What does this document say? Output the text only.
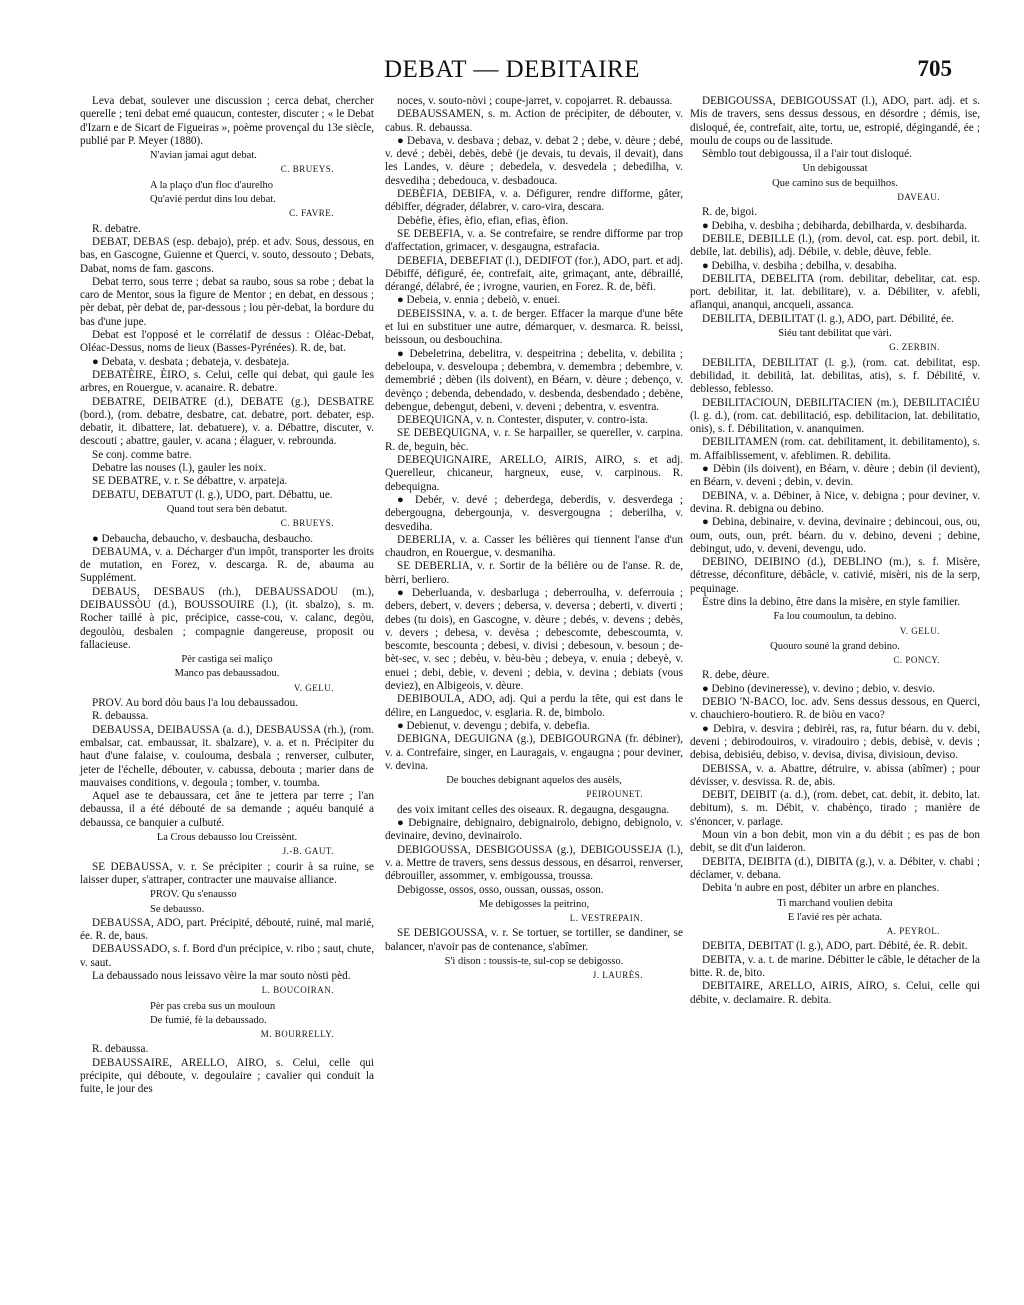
DEBAT — DEBITAIRE	705

Leva debat, soulever une discussion ; cerca debat, chercher querelle ; teni debat emé quaucun, contester, discuter ; « le Debat d'Izarn e de Sicart de Figueiras », poème provençal du 13e siècle, publié par P. Meyer (1880).

N'avian jamai agut debat.

C. BRUEYS.

A la plaço d'un floc d'aurelho

Qu'avié perdut dins lou debat.

C. FAVRE.

R. debatre.

DEBAT, DEBAS (esp. debajo), prép. et adv. Sous, dessous, en bas, en Gascogne, Guienne et Querci, v. souto, dessouto ; Debats, Dabat, noms de fam. gascons.

Debat terro, sous terre ; debat sa raubo, sous sa robe ; debat la caro de Mentor, sous la figure de Mentor ; en debat, en dessous ; pèr debat, pèr debat de, par-dessous ; lou pèr-debat, la bordure du bas d'une jupe.

Debat est l'opposé et le corrélatif de dessus : Oléac-Debat, Oléac-Dessus, noms de lieux (Basses-Pyrénées). R. de, bat.

● Debata, v. desbata ; debateja, v. desbateja.

DEBATÈIRE, ÈIRO, s. Celui, celle qui debat, qui gaule les arbres, en Rouergue, v. acanaire. R. debatre.

DEBATRE, DEIBATRE (d.), DEBATE (g.), DESBATRE (bord.), (rom. debatre, desbatre, cat. debatre, port. debater, esp. debatir, it. dibattere, lat. debatuere), v. a. Débattre, discuter, v. descouti ; abattre, gauler, v. acana ; élaguer, v. rebrounda.

Se conj. comme batre.

Debatre las nouses (l.), gauler les noix.

SE DEBATRE, v. r. Se débattre, v. arpateja.

DEBATU, DEBATUT (l. g.), UDO, part. Débattu, ue.

Quand tout sera bèn debatut.

C. BRUEYS.

● Debaucha, debaucho, v. desbaucha, desbaucho.

DEBAUMA, v. a. Décharger d'un impôt, transporter les droits de mutation, en Forez, v. descarga. R. de, abauma au Supplément.

DEBAUS, DESBAUS (rh.), DEBAUSSADOU (m.), DEIBAUSSÒU (d.), BOUSSOUIRE (l.), (it. sbalzo), s. m. Rocher taillé à pic, précipice, casse-cou, v. calanc, degòu, degoulòu, desbalen ; compagnie dangereuse, proposit ou fallacieuse.

Pèr castiga sei maliço

Manco pas debaussadou.

V. GELU.

PROV. Au bord dóu baus l'a lou debaussadou.

R. debaussa.

DEBAUSSA, DEIBAUSSA (a. d.), DESBAUSSA (rh.), (rom. embalsar, cat. embaussar, it. sbalzare), v. a. et n. Précipiter du haut d'une falaise, v. coulouma, desbala ; renverser, culbuter, jeter de l'échelle, débouter, v. cabussa, debouta ; marier dans de mauvaises conditions, v. degoula ; tomber, v. toumba.

Aquel ase te debaussara, cet âne te jettera par terre ; l'an debaussa, il a été débouté de sa demande ; aquéu banquié a debaussa, ce banquier a culbuté.

La Crous debausso lou Creissènt.

J.-B. GAUT.

SE DEBAUSSA, v. r. Se précipiter ; courir à sa ruine, se laisser duper, s'attraper, contracter une mauvaise alliance.

PROV. Qu s'enausso

Se debausso.

DEBAUSSA, ADO, part. Précipité, débouté, ruiné, mal marié, ée. R. de, baus.

DEBAUSSADO, s. f. Bord d'un précipice, v. ribo ; saut, chute, v. saut.

La debaussado nous leissavo vèire la mar souto nòsti pèd.

L. BOUCOIRAN.

Pèr pas creba sus un mouloun

De fumié, fè la debaussado.

M. BOURRELLY.

R. debaussa.

DEBAUSSAIRE, ARELLO, AIRO, s. Celui, celle qui précipite, qui déboute, v. degoulaire ; cavalier qui conduit la fuite, le jour des

noces, v. souto-nòvi ; coupe-jarret, v. copojarret. R. debaussa.

DEBAUSSAMEN, s. m. Action de précipiter, de débouter, v. cabus. R. debaussa.

● Debava, v. desbava ; debaz, v. debat 2 ; debe, v. dèure ; debé, v. devé ; debèi, debès, debè (je devais, tu devais, il devait), dans les Landes, v. dèure ; debedela, v. desvedela ; debedilha, v. desvediha ; debedouca, v. desbadouca.

DEBÈFIA, DEBIFA, v. a. Défigurer, rendre difforme, gâter, débiffer, dégrader, délabrer, v. caro-vira, descara.

Debèfie, èfies, èfio, efian, efias, èfion.

SE DEBEFIA, v. a. Se contrefaire, se rendre difforme par trop d'affectation, grimacer, v. desgaugna, estrafacia.

DEBEFIA, DEBEFIAT (l.), DEDIFOT (for.), ADO, part. et adj. Débiffé, défiguré, ée, contrefait, aite, grimaçant, ante, débraillé, dérangé, délabré, ée ; ivrogne, vaurien, en Forez. R. de, bèfi.

● Debeia, v. ennia ; debeiò, v. enuei.

DEBEISSINA, v. a. t. de berger. Effacer la marque d'une bête et lui en substituer une autre, démarquer, v. desmarca. R. beissi, beissoun, ou desbouchina.

● Debeletrina, debelitra, v. despeitrina ; debelita, v. debilita ; debeloupa, v. desveloupa ; debembra, v. demembra ; debembre, v. demembrié ; dèben (ils doivent), en Béarn, v. dèure ; debenço, v. devènço ; debenda, debendado, v. desbenda, desbendado ; debène, debengue, debengut, debeni, v. deveni ; debentra, v. esventra.

DEBEQUIGNA, v. n. Contester, disputer, v. contro-ista.

SE DEBEQUIGNA, v. r. Se harpailler, se quereller, v. carpina. R. de, beguin, bèc.

DEBEQUIGNAIRE, ARELLO, AIRIS, AIRO, s. et adj. Querelleur, chicaneur, hargneux, euse, v. carpinous. R. debequigna.

● Debér, v. devé ; deberdega, deberdis, v. desverdega ; debergougna, debergounja, v. desvergougna ; deberilha, v. desvediha.

DEBERLIA, v. a. Casser les bélières qui tiennent l'anse d'un chaudron, en Rouergue, v. desmaniha.

SE DEBERLIA, v. r. Sortir de la bélière ou de l'anse. R. de, bèrri, berliero.

● Deberluanda, v. desbarluga ; deberroulha, v. deferrouia ; debers, debert, v. devers ; debersa, v. deversa ; deberti, v. diverti ; debes (tu dois), en Gascogne, v. dèure ; debés, v. devens ; debès, v. devers ; debesa, v. devèsa ; debescomte, debescoumta, v. bescomte, bescounta ; debesi, v. divisi ; debesoun, v. besoun ; de-bèt-sec, v. sec ; debèu, v. bèu-bèu ; debeya, v. enuia ; debeyè, v. enuei ; debi, debie, v. deveni ; debia, v. devina ; debiats (vous deviez), en Albigeois, v. dèure.

DEBIBOULA, ADO, adj. Qui a perdu la tête, qui est dans le délire, en Languedoc, v. esglaria. R. de, bimbolo.

● Debienut, v. devengu ; debifa, v. debefia.

DEBIGNA, DEGUIGNA (g.), DEBIGOURGNA (fr. débiner), v. a. Contrefaire, singer, en Lauragais, v. engaugna ; pour deviner, v. devina.

De bouches debignant aquelos des ausèls,

PEIROUNET.

des voix imitant celles des oiseaux. R. degaugna, desgaugna.

● Debignaire, debignairo, debignairolo, debigno, debignolo, v. devinaire, devino, devinairolo.

DEBIGOUSSA, DESBIGOUSSA (g.), DEBIGOUSSEJA (l.), v. a. Mettre de travers, sens dessus dessous, en désarroi, renverser, débrouiller, assommer, v. embigoussa, troussa.

Debigosse, ossos, osso, oussan, oussas, osson.

Me debigosses la peitrino,

L. VESTREPAIN.

SE DEBIGOUSSA, v. r. Se tortuer, se tortiller, se dandiner, se balancer, n'avoir pas de contenance, s'abîmer.

S'i dison : toussis-te, sul-cop se debigosso.

J. LAURÈS.

DEBIGOUSSA, DEBIGOUSSAT (l.), ADO, part. adj. et s. Mis de travers, sens dessus dessous, en désordre ; démis, ise, disloqué, ée, contrefait, aite, tortu, ue, estropié, dégingandé, ée ; moulu de coups ou de lassitude.

Sèmblo tout debigoussa, il a l'air tout disloqué.

Un debigoussat

Que camino sus de bequilhos.

DAVEAU.

R. de, bigoi.

● Debiha, v. desbiha ; debiharda, debilharda, v. desbiharda.

DEBILE, DEBILLE (l.), (rom. devol, cat. esp. port. debil, it. debile, lat. debilis), adj. Débile, v. deble, dèuve, feble.

● Debilha, v. desbiha ; debilha, v. desabiha.

DEBILITA, DEBELITA (rom. debilitar, debelitar, cat. esp. port. debilitar, it. lat. debilitare), v. a. Débiliter, v. afebli, aflanqui, ananqui, ancqueli, assanca.

DEBILITA, DEBILITAT (l. g.), ADO, part. Débilité, ée.

Siéu tant debilitat que vàri.

G. ZERBIN.

DEBILITA, DEBILITAT (l. g.), (rom. cat. debilitat, esp. debilidad, it. debilità, lat. debilitas, atis), s. f. Débilité, v. deblesso, feblesso.

DEBILITACIOUN, DEBILITACIEN (m.), DEBILITACIÉU (l. g. d.), (rom. cat. debilitació, esp. debilitacion, lat. debilitatio, onis), s. f. Débilitation, v. ananquimen.

DEBILITAMEN (rom. cat. debilitament, it. debilitamento), s. m. Affaiblissement, v. afeblimen. R. debilita.

● Dèbin (ils doivent), en Béarn, v. dèure ; debin (il devient), en Béarn, v. deveni ; debin, v. devin.

DEBINA, v. a. Débiner, à Nice, v. debigna ; pour deviner, v. devina. R. debigna ou debino.

● Debina, debinaire, v. devina, devinaire ; debincoui, ous, ou, oum, outs, oun, prét. béarn. du v. debino, deveni ; debine, debingut, udo, v. deveni, devengu, udo.

DEBINO, DEIBINO (d.), DEBLINO (m.), s. f. Misère, détresse, déconfiture, débâcle, v. cativié, misèri, nis de la serp, pequinage.

Èstre dins la debino, être dans la misère, en style familier.

Fa lou coumoulun, ta debino.

V. GELU.

Quouro souné la grand debino.

C. PONCY.

R. debe, dèure.

● Debino (devineresse), v. devino ; debio, v. desvio.

DEBIO 'N-BACO, loc. adv. Sens dessus dessous, en Querci, v. chauchiero-boutiero. R. de biòu en vaco?

● Debira, v. desvira ; debirèi, ras, ra, futur béarn. du v. debi, deveni ; debirodouiros, v. viradouiro ; debis, debisè, v. devis ; debisa, debisiéu, debiso, v. devisa, divisa, divisioun, deviso.

DEBISSA, v. a. Abattre, détruire, v. abissa (abîmer) ; pour dévisser, v. desvissa. R. de, abis.

DEBIT, DEIBIT (a. d.), (rom. debet, cat. debit, it. debito, lat. debitum), s. m. Débit, v. chabènço, tirado ; manière de s'énoncer, v. parlage.

Moun vin a bon debit, mon vin a du débit ; es pas de bon debit, se dit d'un laideron.

DEBITA, DEIBITA (d.), DIBITA (g.), v. a. Débiter, v. chabi ; déclamer, v. debana.

Debita 'n aubre en post, débiter un arbre en planches.

Ti marchand voulien debita

E l'avié res pèr achata.

A. PEYROL.

DEBITA, DEBITAT (l. g.), ADO, part. Débité, ée. R. debit.

DEBITA, v. a. t. de marine. Débitter le câble, le détacher de la bitte. R. de, bito.

DEBITAIRE, ARELLO, AIRIS, AIRO, s. Celui, celle qui débite, v. declamaire. R. debita.
